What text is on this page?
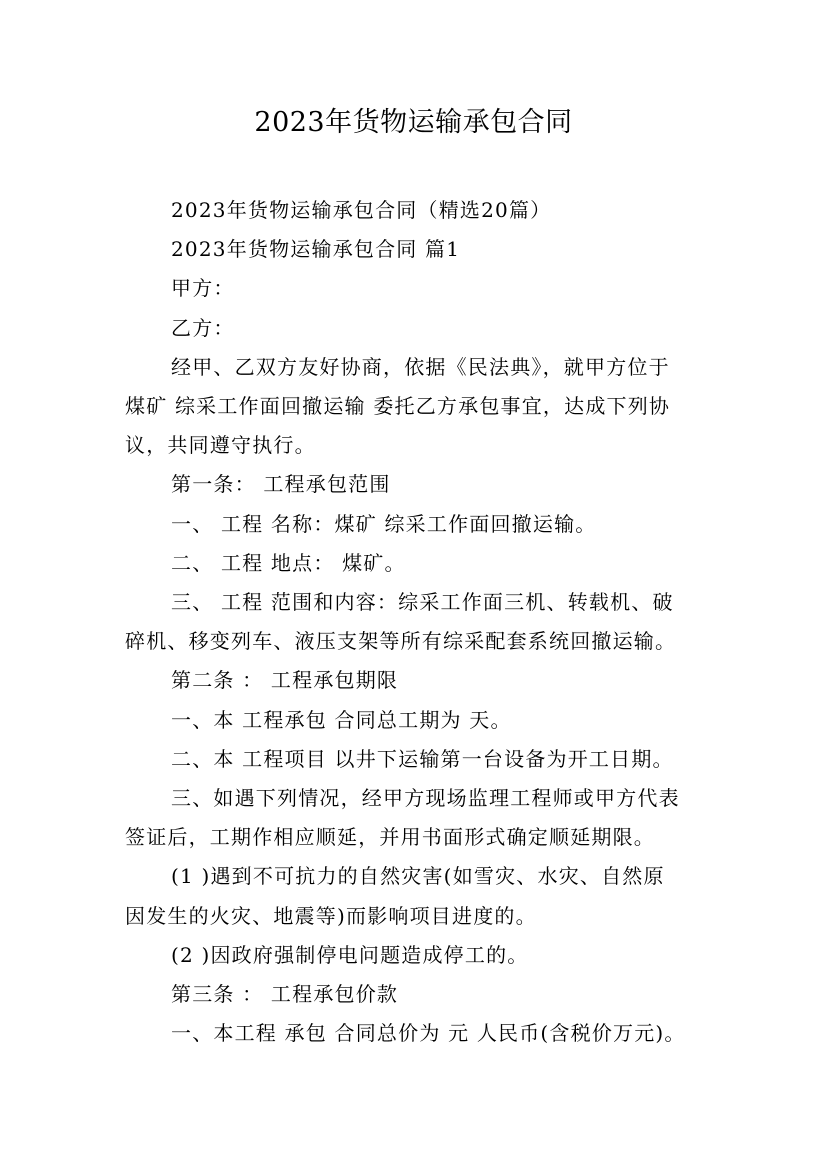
2023年货物运输承包合同

2023年货物运输承包合同（精选20篇）

2023年货物运输承包合同 篇1

甲方：

乙方：

经甲、乙双方友好协商，依据《民法典》，就甲方位于

煤矿 综采工作面回撤运输 委托乙方承包事宜，达成下列协

议，共同遵守执行。

第一条： 工程承包范围

一、 工程 名称：煤矿 综采工作面回撤运输。

二、 工程 地点： 煤矿。

三、 工程 范围和内容：综采工作面三机、转载机、破

碎机、移变列车、液压支架等所有综采配套系统回撤运输。

第二条 ： 工程承包期限

一、本 工程承包 合同总工期为 天。

二、本 工程项目 以井下运输第一台设备为开工日期。

三、如遇下列情况，经甲方现场监理工程师或甲方代表

签证后，工期作相应顺延，并用书面形式确定顺延期限。

(1 )遇到不可抗力的自然灾害(如雪灾、水灾、自然原

因发生的火灾、地震等)而影响项目进度的。

(2 )因政府强制停电问题造成停工的。

第三条 ： 工程承包价款

一、本工程 承包 合同总价为 元 人民币(含税价万元)。
